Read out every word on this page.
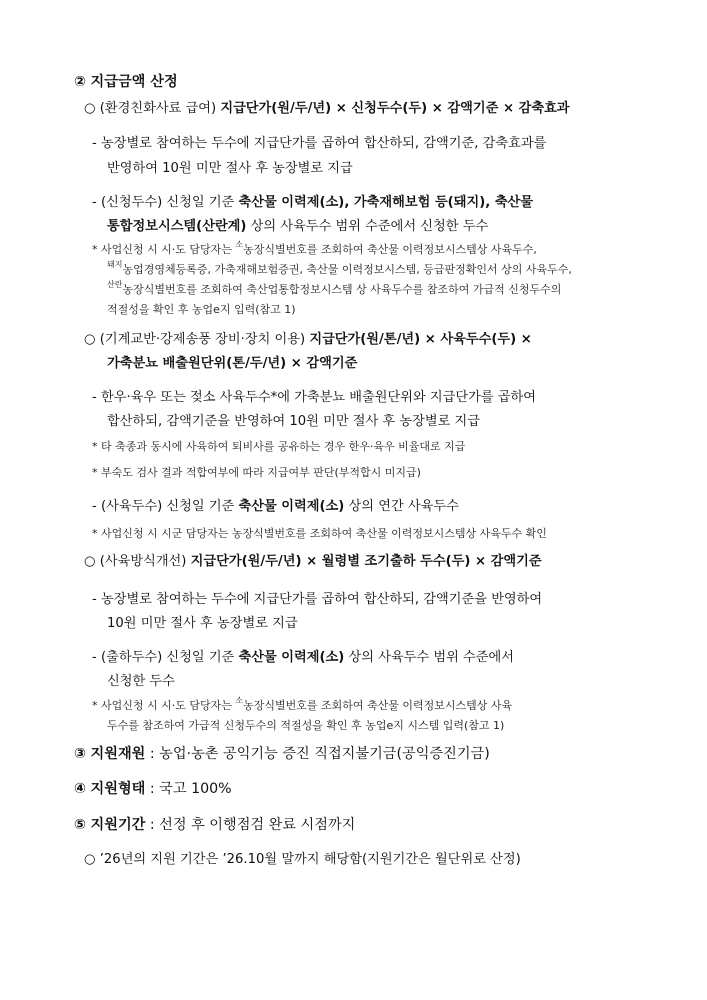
② 지급금액 산정
○ (환경친화사료 급여) 지급단가(원/두/년) × 신청두수(두) × 감액기준 × 감축효과
- 농장별로 참여하는 두수에 지급단가를 곱하여 합산하되, 감액기준, 감축효과를
반영하여 10원 미만 절사 후 농장별로 지급
- (신청두수) 신청일 기준 축산물 이력제(소), 가축재해보험 등(돼지), 축산물
통합정보시스템(산란계) 상의 사육두수 범위 수준에서 신청한 두수
* 사업신청 시 시·도 담당자는 $^소$농장식별번호를 조회하여 축산물 이력정보시스템상 사육두수,
$^{돼지}$농업경영체등록증, 가축재해보험증권, 축산물 이력정보시스템, 등급판정확인서 상의 사육두수,
$^{산란}$농장식별번호를 조회하여 축산업통합정보시스템 상 사육두수를 참조하여 가급적 신청두수의
적절성을 확인 후 농업e지 입력(참고 1)
○ (기계교반·강제송풍 장비·장치 이용) 지급단가(원/톤/년) × 사육두수(두) ×
가축분뇨 배출원단위(톤/두/년) × 감액기준
- 한우·육우 또는 젖소 사육두수*에 가축분뇨 배출원단위와 지급단가를 곱하여
합산하되, 감액기준을 반영하여 10원 미만 절사 후 농장별로 지급
* 타 축종과 동시에 사육하여 퇴비사를 공유하는 경우 한우·육우 비율대로 지급
* 부숙도 검사 결과 적합여부에 따라 지급여부 판단(부적합시 미지급)
- (사육두수) 신청일 기준 축산물 이력제(소) 상의 연간 사육두수
* 사업신청 시 시군 담당자는 농장식별번호를 조회하여 축산물 이력정보시스템상 사육두수 확인
○ (사육방식개선) 지급단가(원/두/년) × 월령별 조기출하 두수(두) × 감액기준
- 농장별로 참여하는 두수에 지급단가를 곱하여 합산하되, 감액기준을 반영하여
10원 미만 절사 후 농장별로 지급
- (출하두수) 신청일 기준 축산물 이력제(소) 상의 사육두수 범위 수준에서
신청한 두수
* 사업신청 시 시·도 담당자는 $^소$농장식별번호를 조회하여 축산물 이력정보시스템상 사육
두수를 참조하여 가급적 신청두수의 적절성을 확인 후 농업e지 시스템 입력(참고 1)
③ 지원재원 : 농업·농촌 공익기능 증진 직접지불기금(공익증진기금)
④ 지원형태 : 국고 100%
⑤ 지원기간 : 선정 후 이행점검 완료 시점까지
○ ’26년의 지원 기간은 ’26.10월 말까지 해당함(지원기간은 월단위로 산정)
